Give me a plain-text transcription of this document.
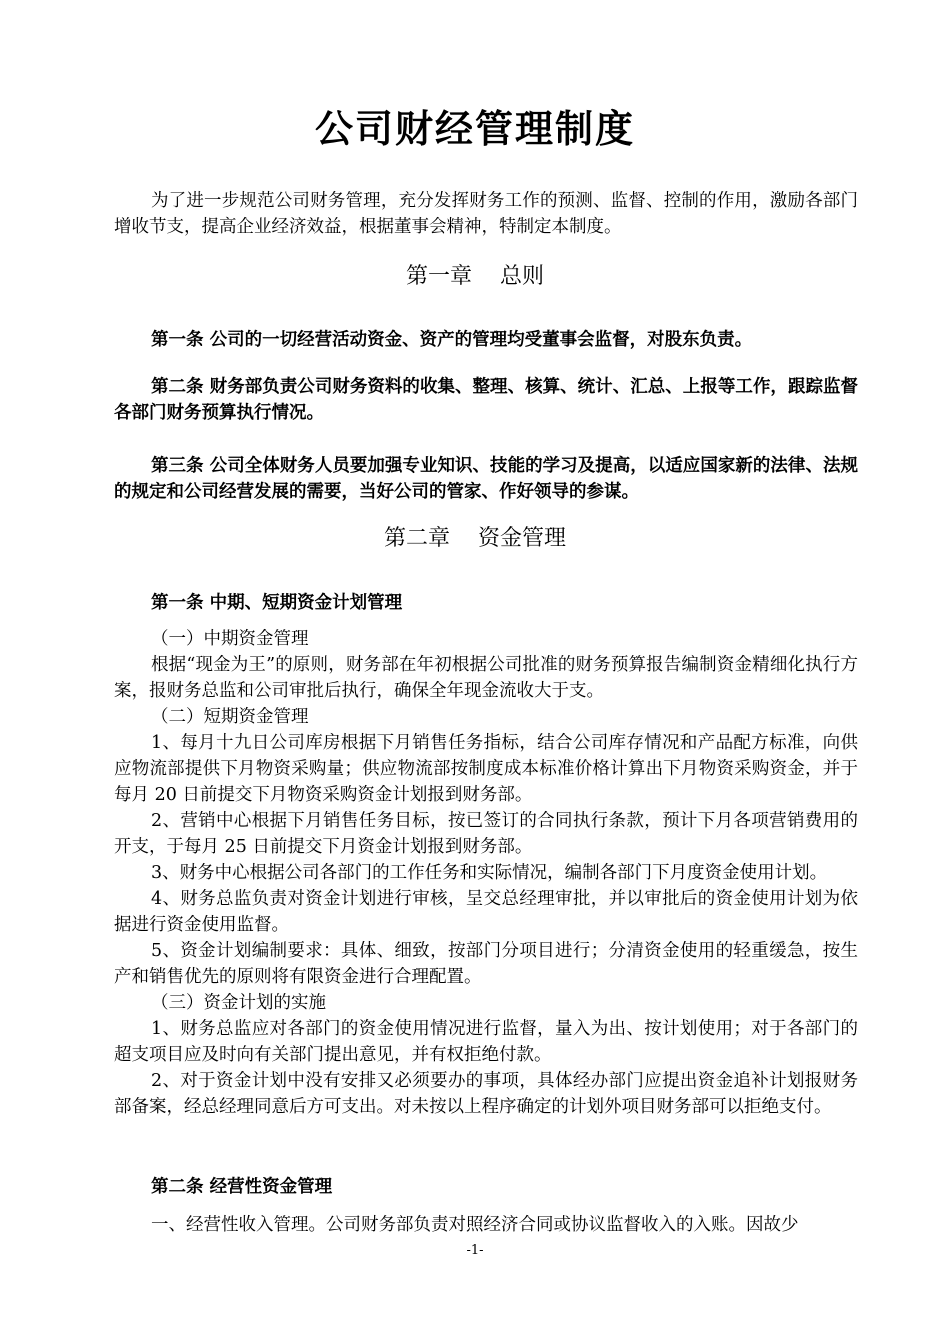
公司财经管理制度

为了进一步规范公司财务管理，充分发挥财务工作的预测、监督、控制的作用，激励各部门增收节支，提高企业经济效益，根据董事会精神，特制定本制度。

第一章 总则

第一条 公司的一切经营活动资金、资产的管理均受董事会监督，对股东负责。

第二条 财务部负责公司财务资料的收集、整理、核算、统计、汇总、上报等工作，跟踪监督各部门财务预算执行情况。

第三条 公司全体财务人员要加强专业知识、技能的学习及提高，以适应国家新的法律、法规的规定和公司经营发展的需要，当好公司的管家、作好领导的参谋。

第二章 资金管理

第一条 中期、短期资金计划管理

（一）中期资金管理

根据“现金为王”的原则，财务部在年初根据公司批准的财务预算报告编制资金精细化执行方案，报财务总监和公司审批后执行，确保全年现金流收大于支。

（二）短期资金管理

1、每月十九日公司库房根据下月销售任务指标，结合公司库存情况和产品配方标准，向供应物流部提供下月物资采购量；供应物流部按制度成本标准价格计算出下月物资采购资金，并于每月 20 日前提交下月物资采购资金计划报到财务部。

2、营销中心根据下月销售任务目标，按已签订的合同执行条款，预计下月各项营销费用的开支，于每月 25 日前提交下月资金计划报到财务部。

3、财务中心根据公司各部门的工作任务和实际情况，编制各部门下月度资金使用计划。

4、财务总监负责对资金计划进行审核，呈交总经理审批，并以审批后的资金使用计划为依据进行资金使用监督。

5、资金计划编制要求：具体、细致，按部门分项目进行；分清资金使用的轻重缓急，按生产和销售优先的原则将有限资金进行合理配置。

（三）资金计划的实施

1、财务总监应对各部门的资金使用情况进行监督，量入为出、按计划使用；对于各部门的超支项目应及时向有关部门提出意见，并有权拒绝付款。

2、对于资金计划中没有安排又必须要办的事项，具体经办部门应提出资金追补计划报财务部备案，经总经理同意后方可支出。对未按以上程序确定的计划外项目财务部可以拒绝支付。

第二条 经营性资金管理

一、经营性收入管理。公司财务部负责对照经济合同或协议监督收入的入账。因故少

-1-
